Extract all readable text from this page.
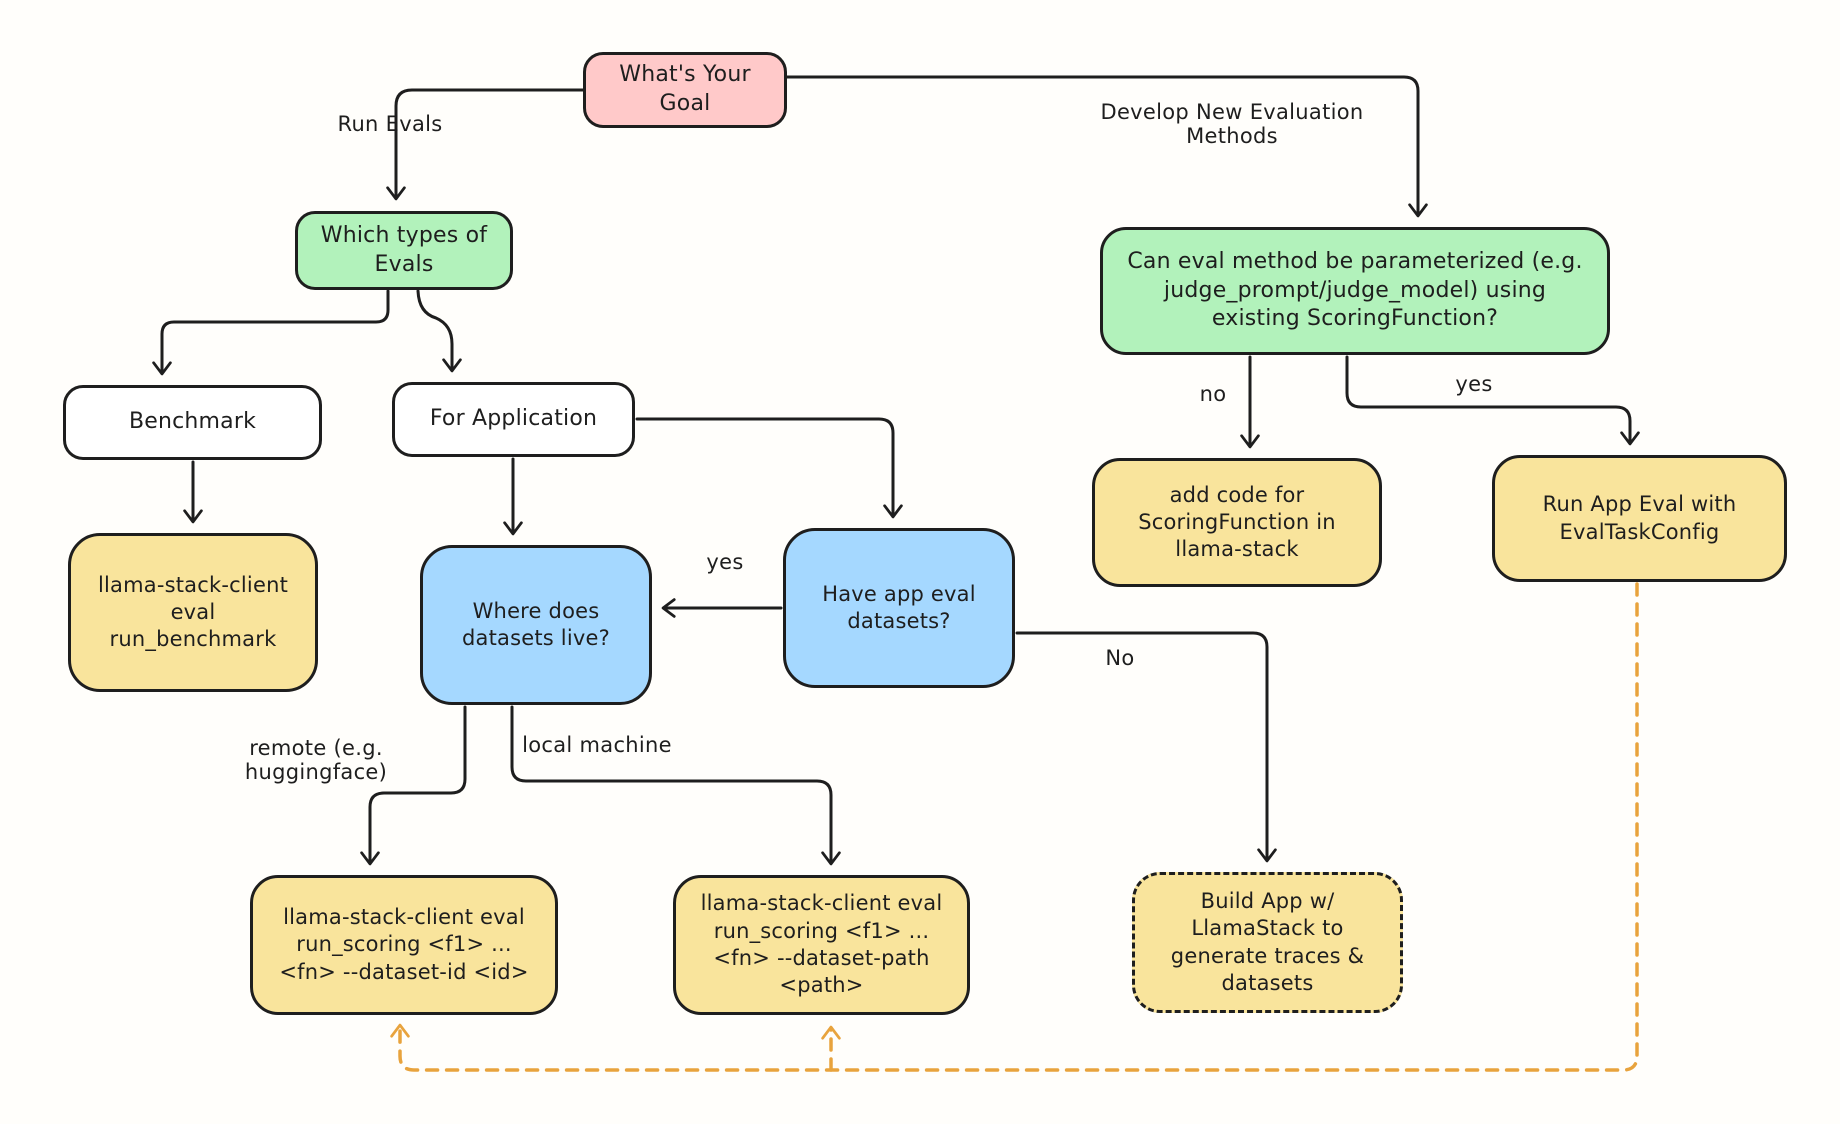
What's Your Goal
Which types of Evals	Can eval method be parameterized (e.g. judge_prompt/judge_model) using existing ScoringFunction?
Benchmark	For Application
llama-stack-client eval run_benchmark
Where does datasets live?
Have app eval datasets?
add code for ScoringFunction in llama-stack
Run App Eval with EvalTaskConfig
llama-stack-client eval run_scoring <f1> ... <fn> --dataset-id <id>
llama-stack-client eval run_scoring <f1> ... <fn> --dataset-path <path>
Build App w/ LlamaStack to generate traces & datasets
Run Evals	Develop New Evaluation Methods
yes
No
remote (e.g. huggingface)
local machine
no	yes
